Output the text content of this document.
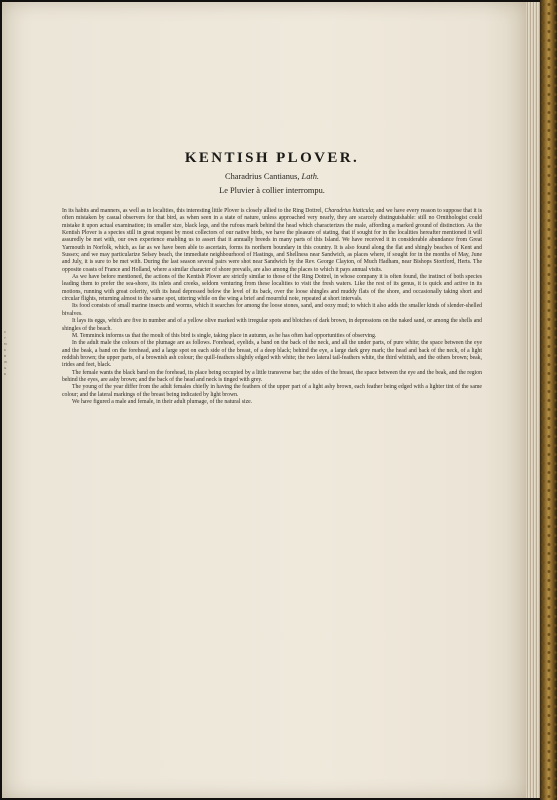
C
Y
M
K
B
W
G
R
KENTISH PLOVER.
Charadrius Cantianus, Lath.
Le Pluvier à collier interrompu.

In its habits and manners, as well as in localities, this interesting little Plover is closely allied to the Ring Dottrel, Charadrius hiaticula; and we have every reason to suppose that it is often mistaken by casual observers for that bird, as when seen in a state of nature, unless approached very nearly, they are scarcely distinguishable: still no Ornithologist could mistake it upon actual examination; its smaller size, black legs, and the rufous mark behind the head which characterizes the male, affording a marked ground of distinction. As the Kentish Plover is a species still in great request by most collectors of our native birds, we have the pleasure of stating, that if sought for in the localities hereafter mentioned it will assuredly be met with, our own experience enabling us to assert that it annually breeds in many parts of this Island. We have received it in considerable abundance from Great Yarmouth in Norfolk, which, as far as we have been able to ascertain, forms its northern boundary in this country. It is also found along the flat and shingly beaches of Kent and Sussex; and we may particularize Selsey beach, the immediate neighbourhood of Hastings, and Shellness near Sandwich, as places where, if sought for in the months of May, June and July, it is sure to be met with. During the last season several pairs were shot near Sandwich by the Rev. George Clayton, of Much Hadham, near Bishops Stortford, Herts. The opposite coasts of France and Holland, where a similar character of shore prevails, are also among the places to which it pays annual visits.

As we have before mentioned, the actions of the Kentish Plover are strictly similar to those of the Ring Dottrel, in whose company it is often found, the instinct of both species leading them to prefer the sea-shore, its inlets and creeks, seldom venturing from these localities to visit the fresh waters. Like the rest of its genus, it is quick and active in its motions, running with great celerity, with its head depressed below the level of its back, over the loose shingles and muddy flats of the shore, and occasionally taking short and circular flights, returning almost to the same spot, uttering while on the wing a brief and mournful note, repeated at short intervals.

Its food consists of small marine insects and worms, which it searches for among the loose stones, sand, and oozy mud; to which it also adds the smaller kinds of slender-shelled bivalves.

It lays its eggs, which are five in number and of a yellow olive marked with irregular spots and blotches of dark brown, in depressions on the naked sand, or among the shells and shingles of the beach.

M. Temminck informs us that the moult of this bird is single, taking place in autumn, as he has often had opportunities of observing.

In the adult male the colours of the plumage are as follows. Forehead, eyelids, a band on the back of the neck, and all the under parts, of pure white; the space between the eye and the beak, a band on the forehead, and a large spot on each side of the breast, of a deep black; behind the eye, a large dark grey mark; the head and back of the neck, of a light reddish brown; the upper parts, of a brownish ash colour; the quill-feathers slightly edged with white; the two lateral tail-feathers white, the third whitish, and the others brown; beak, irides and feet, black.

The female wants the black band on the forehead, its place being occupied by a little transverse bar; the sides of the breast, the space between the eye and the beak, and the region behind the eyes, are ashy brown; and the back of the head and neck is tinged with grey.

The young of the year differ from the adult females chiefly in having the feathers of the upper part of a light ashy brown, each feather being edged with a lighter tint of the same colour; and the lateral markings of the breast being indicated by light brown.

We have figured a male and female, in their adult plumage, of the natural size.
